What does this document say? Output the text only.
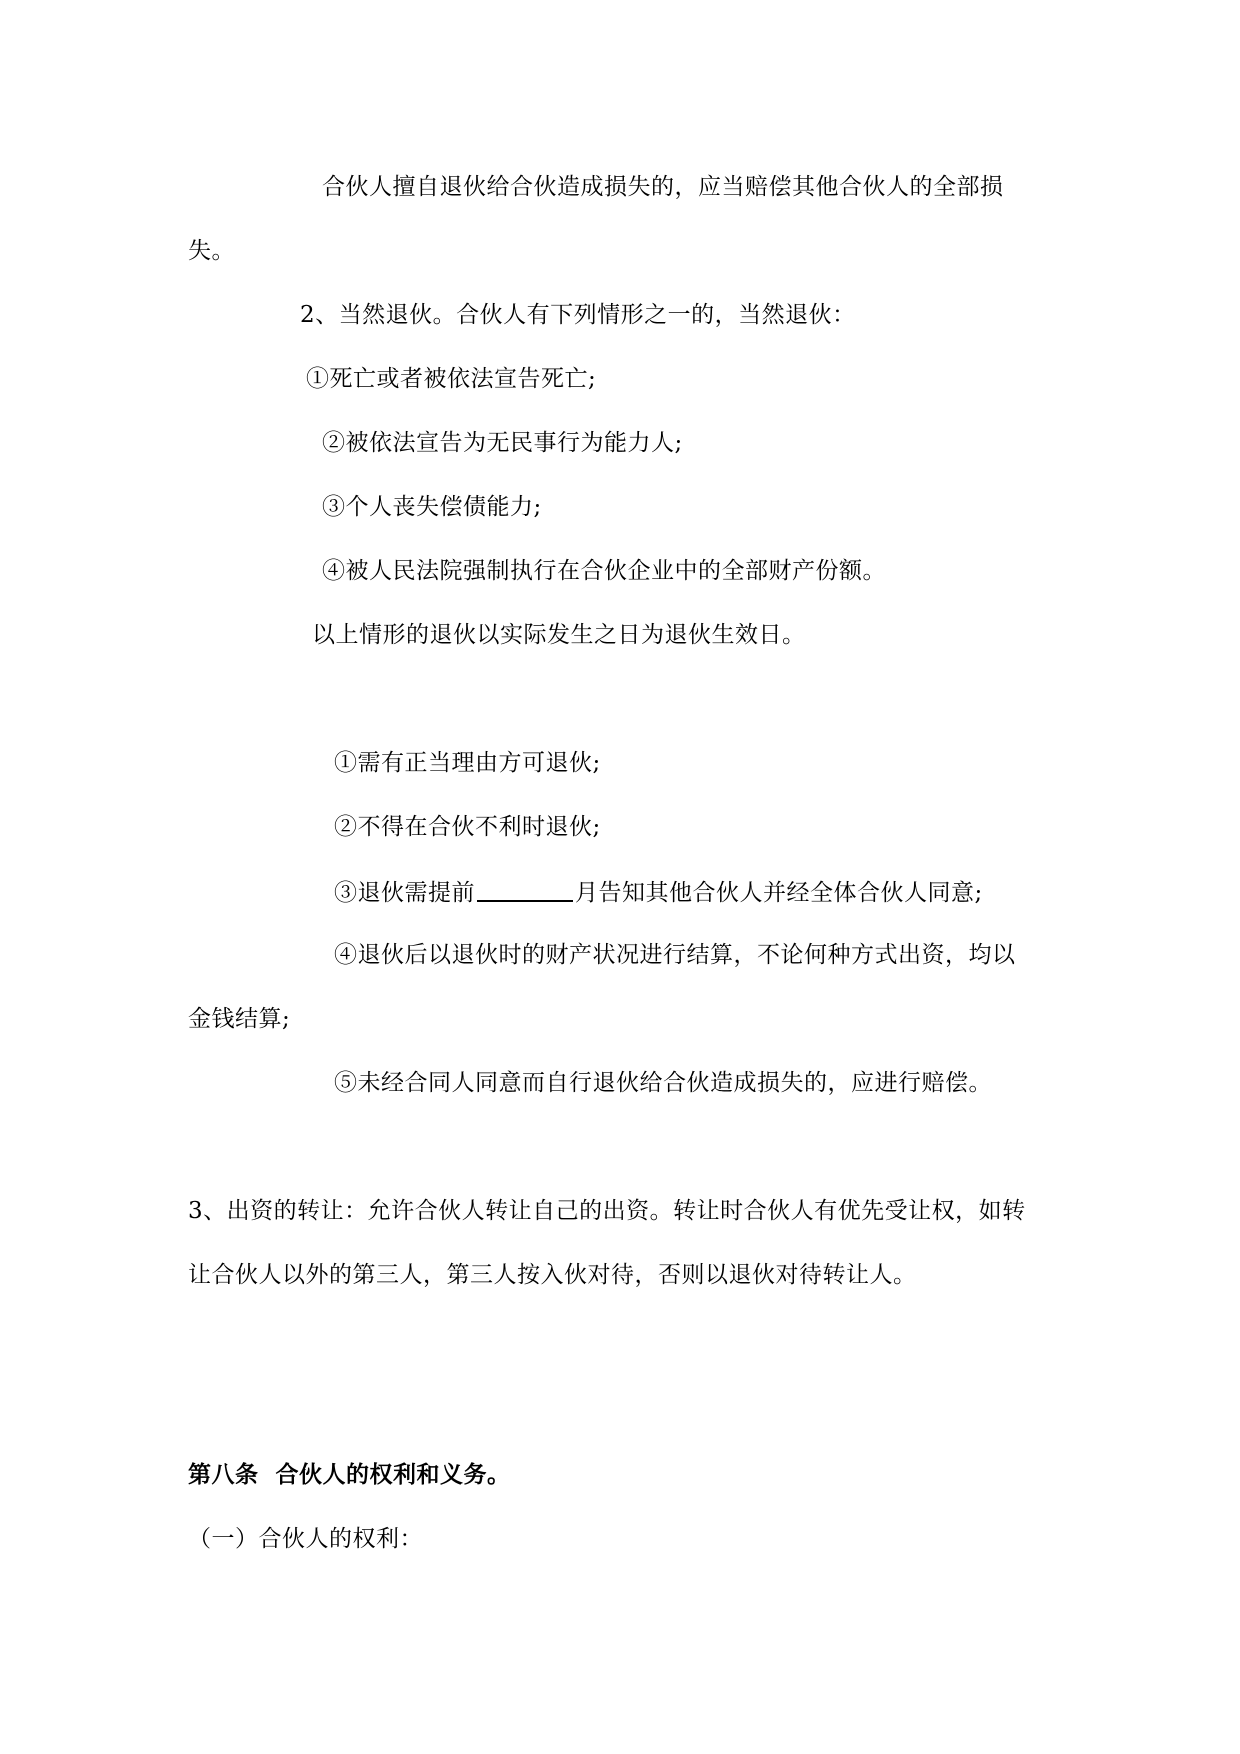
合伙人擅自退伙给合伙造成损失的，应当赔偿其他合伙人的全部损
失。
2、当然退伙。合伙人有下列情形之一的，当然退伙：
①死亡或者被依法宣告死亡;
②被依法宣告为无民事行为能力人;
③个人丧失偿债能力;
④被人民法院强制执行在合伙企业中的全部财产份额。
以上情形的退伙以实际发生之日为退伙生效日。
①需有正当理由方可退伙;
②不得在合伙不利时退伙;
③退伙需提前	月告知其他合伙人并经全体合伙人同意;
④退伙后以退伙时的财产状况进行结算，不论何种方式出资，均以
金钱结算;
⑤未经合同人同意而自行退伙给合伙造成损失的，应进行赔偿。
3、出资的转让：允许合伙人转让自己的出资。转让时合伙人有优先受让权，如转
让合伙人以外的第三人，第三人按入伙对待，否则以退伙对待转让人。
第八条  合伙人的权利和义务。
（一）合伙人的权利：
